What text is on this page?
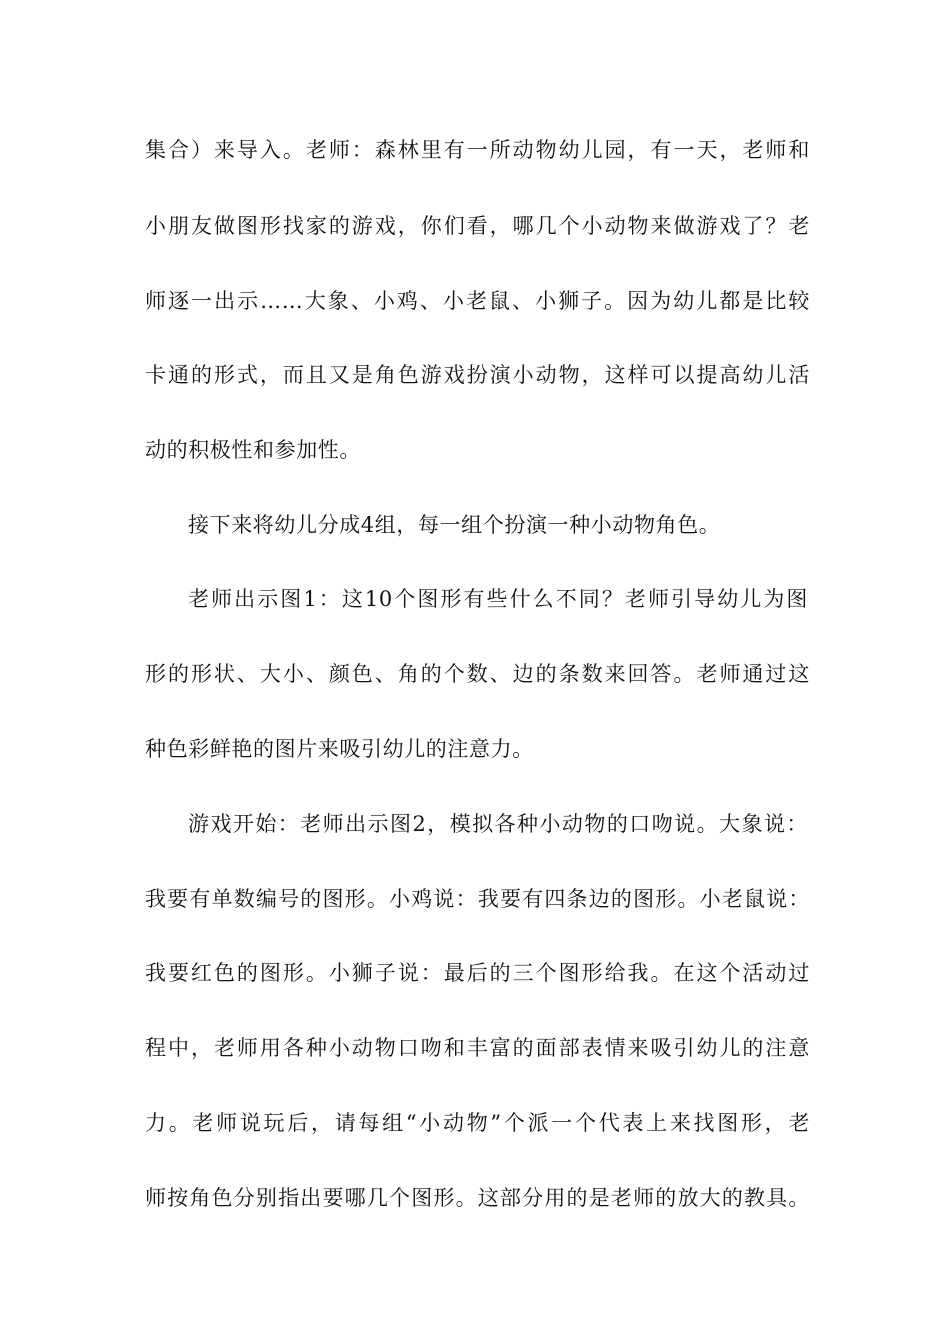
集合）来导入。老师：森林里有一所动物幼儿园，有一天，老师和
小朋友做图形找家的游戏，你们看，哪几个小动物来做游戏了？老
师逐一出示……大象、小鸡、小老鼠、小狮子。因为幼儿都是比较
卡通的形式，而且又是角色游戏扮演小动物，这样可以提高幼儿活
动的积极性和参加性。
接下来将幼儿分成4组，每一组个扮演一种小动物角色。
老师出示图1：这10个图形有些什么不同？老师引导幼儿为图
形的形状、大小、颜色、角的个数、边的条数来回答。老师通过这
种色彩鲜艳的图片来吸引幼儿的注意力。
游戏开始：老师出示图2，模拟各种小动物的口吻说。大象说：
我要有单数编号的图形。小鸡说：我要有四条边的图形。小老鼠说：
我要红色的图形。小狮子说：最后的三个图形给我。在这个活动过
程中，老师用各种小动物口吻和丰富的面部表情来吸引幼儿的注意
力。老师说玩后，请每组“小动物”个派一个代表上来找图形，老
师按角色分别指出要哪几个图形。这部分用的是老师的放大的教具。
